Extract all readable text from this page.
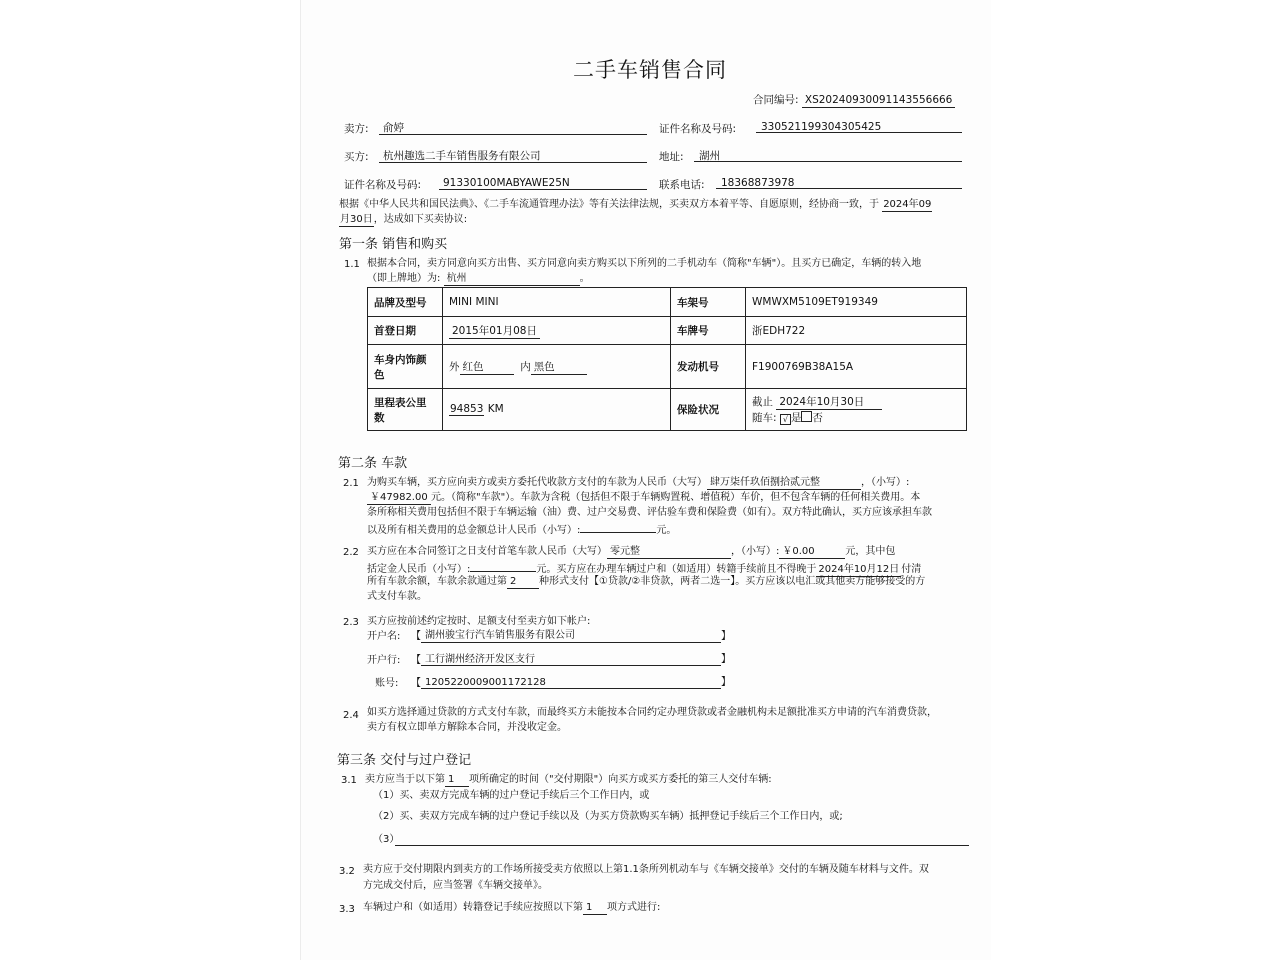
二手车销售合同
合同编号: XS20240930091143556666
卖方: 俞婷	证件名称及号码: 330521199304305425
买方: 杭州趣选二手车销售服务有限公司	地址: 湖州
证件名称及号码: 91330100MABYAWE25N	联系电话: 18368873978
根据《中华人民共和国民法典》、《二手车流通管理办法》等有关法律法规，买卖双方本着平等、自愿原则，经协商一致，于 2024年09
月30日，达成如下买卖协议:
第一条 销售和购买
1.1 根据本合同，卖方同意向买方出售、买方同意向卖方购买以下所列的二手机动车（简称"车辆"）。且买方已确定，车辆的转入地
（即上牌地）为: 杭州	。
品牌及型号	MINI MINI	车架号	WMWXM5109ET919349
首登日期	2015年01月08日	车牌号	浙EDH722
车身内饰颜
色	外 红色 内 黑色	发动机号	F1900769B38A15A
里程表公里
数	94853 KM	保险状况	截止 2024年10月30日
随车: √ 是 否
第二条 车款
2.1 为购买车辆，买方应向卖方或卖方委托代收款方支付的车款为人民币（大写） 肆万柒仟玖佰捌拾贰元整	，（小写）:
￥47982.00 元。（简称"车款"）。车款为含税（包括但不限于车辆购置税、增值税）车价，但不包含车辆的任何相关费用。本
条所称相关费用包括但不限于车辆运输（油）费、过户交易费、评估验车费和保险费（如有）。双方特此确认，买方应该承担车款
以及所有相关费用的总金额总计人民币（小写）:	元。
2.2 买方应在本合同签订之日支付首笔车款人民币（大写） 零元整	，（小写）: ￥0.00	元，其中包
括定金人民币（小写）:	元。买方应在办理车辆过户和（如适用）转籍手续前且不得晚于 2024年10月12日 付清
所有车款余额，车款余款通过第 2 种形式支付【①贷款/②非贷款，两者二选一】。买方应该以电汇或其他卖方能够接受的方
式支付车款。
2.3 买方应按前述约定按时、足额支付至卖方如下帐户:
开户名: 【 湖州骏宝行汽车销售服务有限公司	】
开户行: 【 工行湖州经济开发区支行	】
账号: 【 1205220009001172128	】
2.4 如买方选择通过贷款的方式支付车款，而最终买方未能按本合同约定办理贷款或者金融机构未足额批准买方申请的汽车消费贷款，
卖方有权立即单方解除本合同，并没收定金。
第三条 交付与过户登记
3.1 卖方应当于以下第 1 项所确定的时间（"交付期限"）向买方或买方委托的第三人交付车辆:
（1）买、卖双方完成车辆的过户登记手续后三个工作日内，或
（2）买、卖双方完成车辆的过户登记手续以及（为买方贷款购买车辆）抵押登记手续后三个工作日内，或;
（3）
3.2 卖方应于交付期限内到卖方的工作场所接受卖方依照以上第1.1条所列机动车与《车辆交接单》交付的车辆及随车材料与文件。双
方完成交付后，应当签署《车辆交接单》。
3.3 车辆过户和（如适用）转籍登记手续应按照以下第 1 项方式进行:
